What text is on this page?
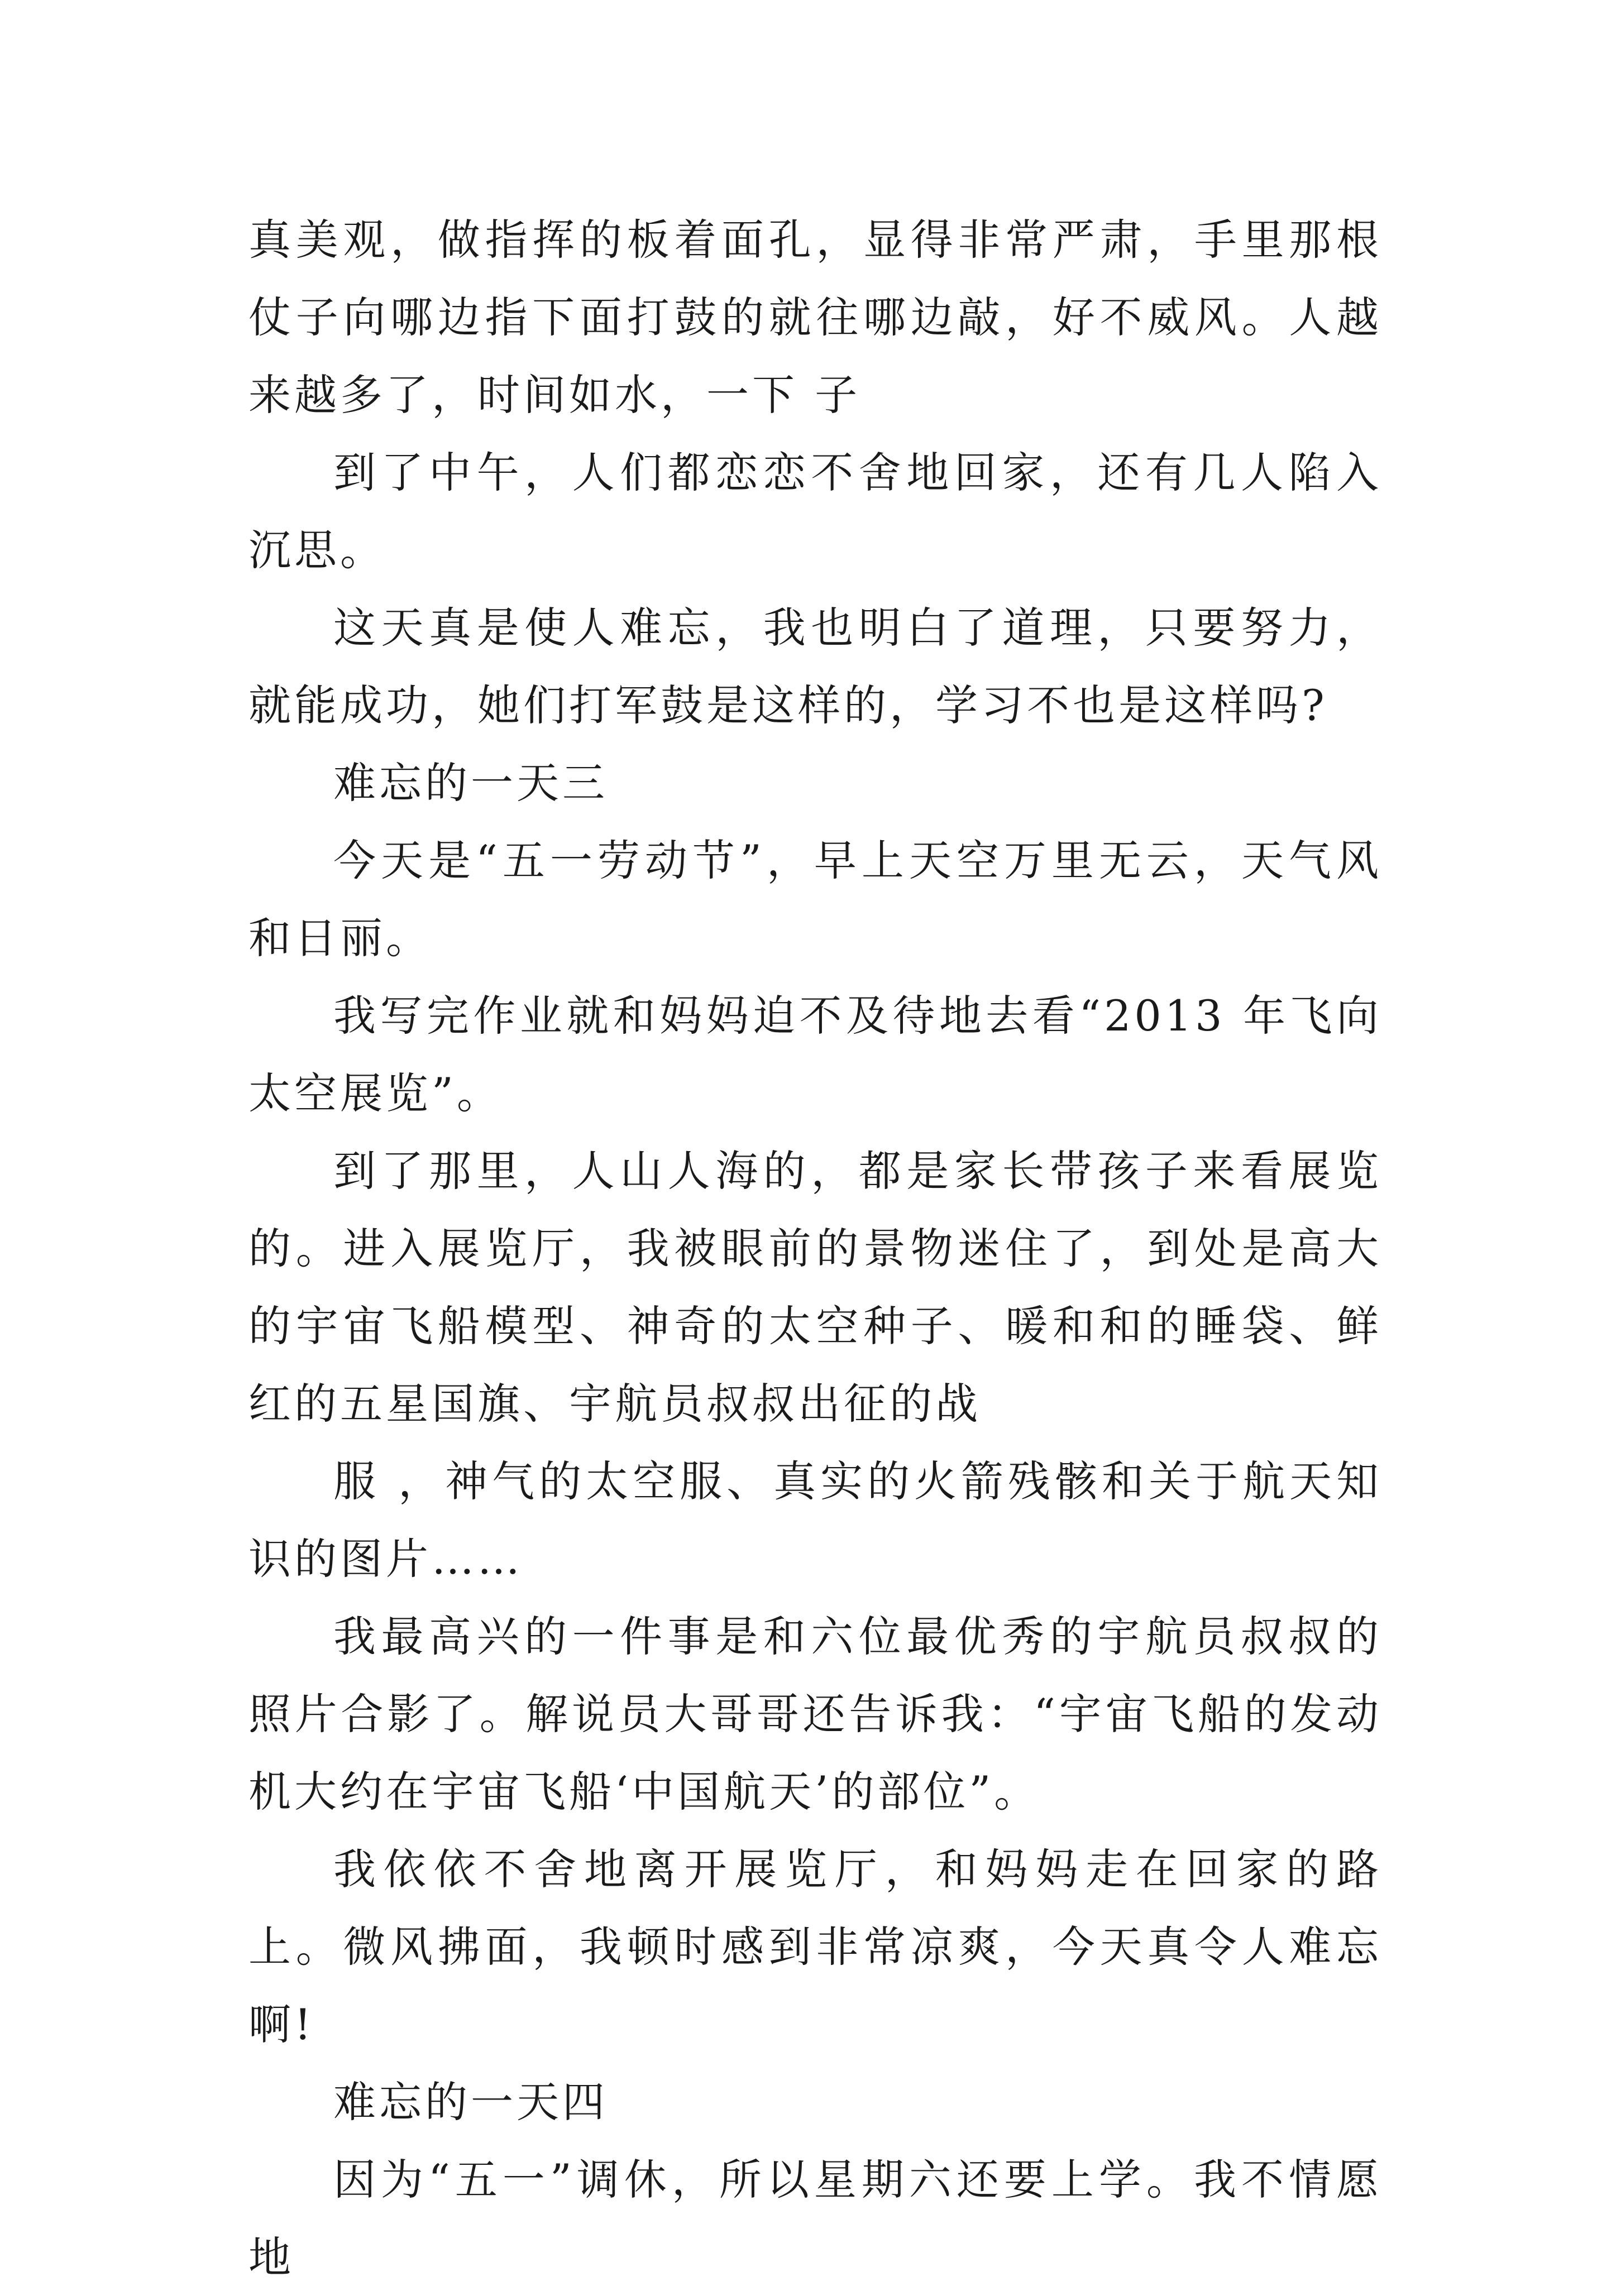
真美观，做指挥的板着面孔，显得非常严肃，手里那根仗子向哪边指下面打鼓的就往哪边敲，好不威风。人越来越多了，时间如水，一下 子

到了中午，人们都恋恋不舍地回家，还有几人陷入沉思。

这天真是使人难忘，我也明白了道理，只要努力，就能成功，她们打军鼓是这样的，学习不也是这样吗?

难忘的一天三

今天是“五一劳动节”，早上天空万里无云，天气风和日丽。

我写完作业就和妈妈迫不及待地去看“2013 年飞向太空展览”。

到了那里，人山人海的，都是家长带孩子来看展览的。进入展览厅，我被眼前的景物迷住了，到处是高大的宇宙飞船模型、神奇的太空种子、暖和和的睡袋、鲜红的五星国旗、宇航员叔叔出征的战

服 ，神气的太空服、真实的火箭残骸和关于航天知识的图片……

我最高兴的一件事是和六位最优秀的宇航员叔叔的照片合影了。解说员大哥哥还告诉我：“宇宙飞船的发动机大约在宇宙飞船‘中国航天’的部位”。

我依依不舍地离开展览厅，和妈妈走在回家的路上。微风拂面，我顿时感到非常凉爽，今天真令人难忘啊!

难忘的一天四

因为“五一”调休，所以星期六还要上学。我不情愿地
